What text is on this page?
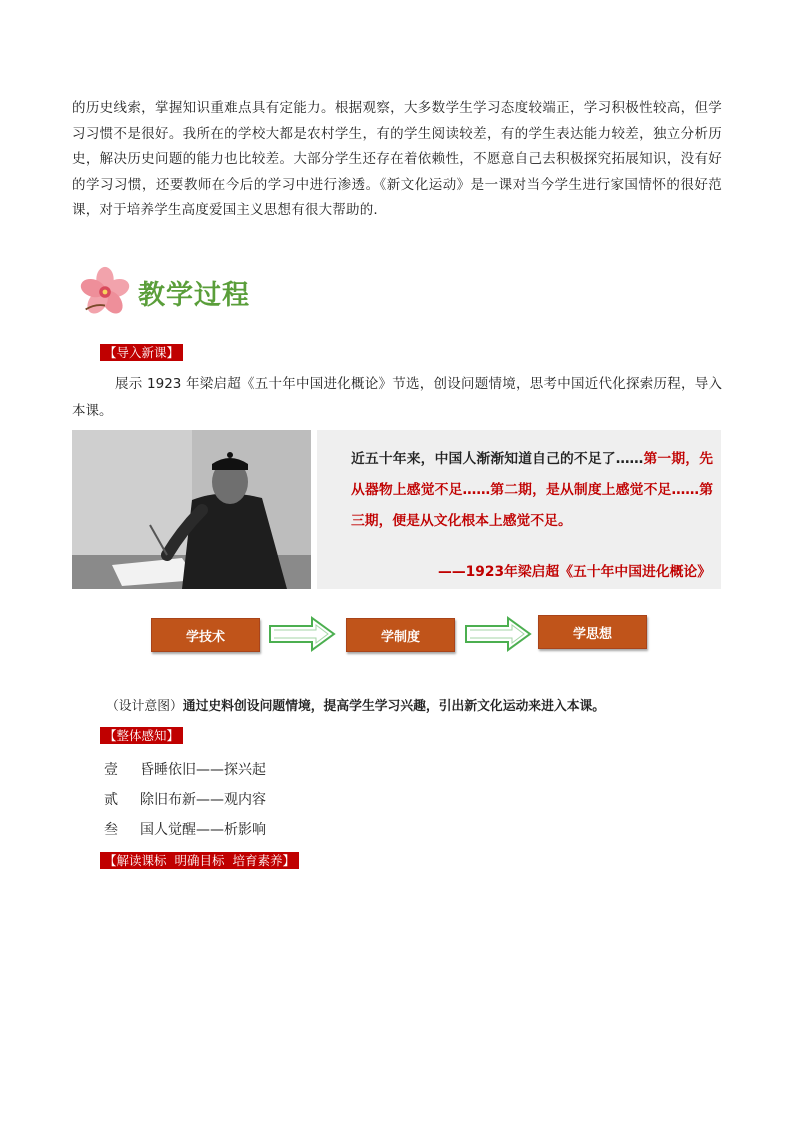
的历史线索，掌握知识重难点具有定能力。根据观察，大多数学生学习态度较端正，学习积极性较高，但学习习惯不是很好。我所在的学校大都是农村学生，有的学生阅读较差，有的学生表达能力较差，独立分析历史，解决历史问题的能力也比较差。大部分学生还存在着依赖性，不愿意自己去积极探究拓展知识，没有好的学习习惯，还要教师在今后的学习中进行渗透。《新文化运动》是一课对当今学生进行家国情怀的很好范课，对于培养学生高度爱国主义思想有很大帮助的.
教学过程
【导入新课】
展示 1923 年梁启超《五十年中国进化概论》节选，创设问题情境，思考中国近代化探索历程，导入本课。
近五十年来，中国人渐渐知道自己的不足了……第一期，先从器物上感觉不足……第二期，是从制度上感觉不足……第三期，便是从文化根本上感觉不足。
——1923年梁启超《五十年中国进化概论》
学技术	学制度	学思想
（设计意图）通过史料创设问题情境，提高学生学习兴趣，引出新文化运动来进入本课。
【整体感知】
壹 昏睡依旧——探兴起
贰 除旧布新——观内容
叁 国人觉醒——析影响
【解读课标 明确目标 培育素养】
